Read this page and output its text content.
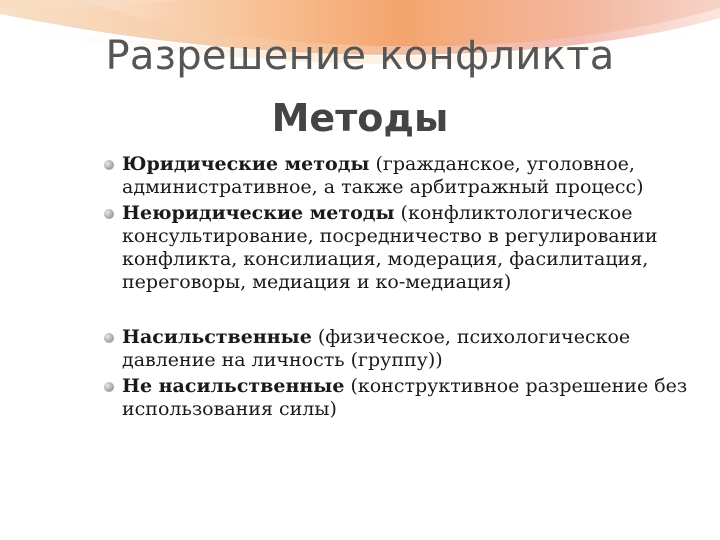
Разрешение конфликта
Методы
Юридические методы (гражданское, уголовное, административное, а также арбитражный процесс)
Неюридические методы (конфликтологическое консультирование, посредничество в регулировании конфликта, консилиация, модерация, фасилитация, переговоры, медиация и ко-медиация)
Насильственные (физическое, психологическое давление на личность (группу))
Не насильственные (конструктивное разрешение без использования силы)
